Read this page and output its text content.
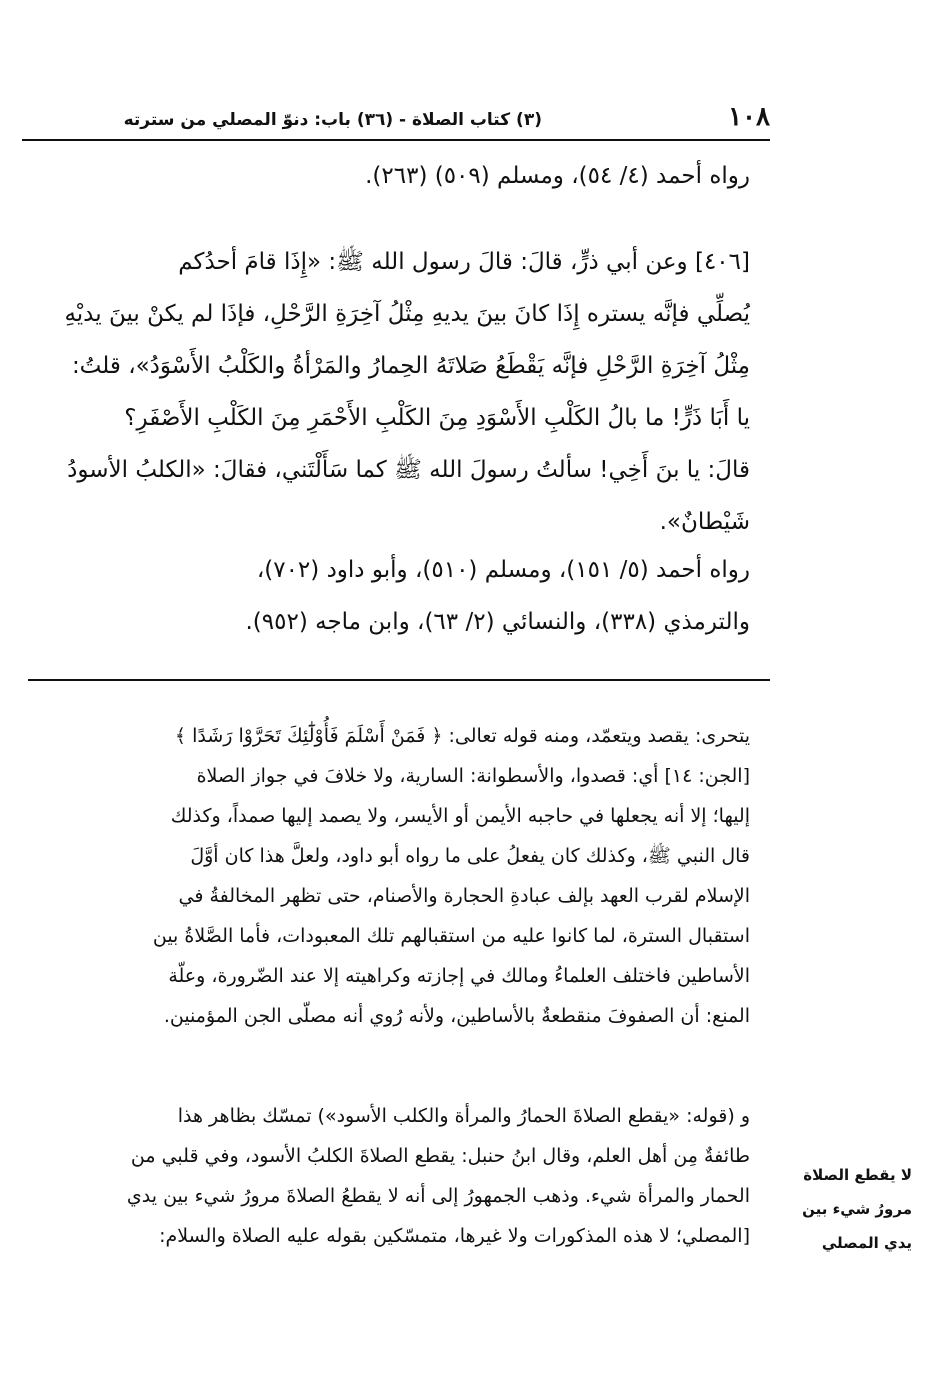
١٠٨
(٣) كتاب الصلاة - (٣٦) باب: دنوّ المصلي من سترته
رواه أحمد (٤/ ٥٤)، ومسلم (٥٠٩) (٢٦٣).
[٤٠٦] وعن أبي ذرٍّ، قالَ: قالَ رسول الله ﷺ: «إِذَا قامَ أحدُكم
يُصلِّي فإنَّه يستره إِذَا كانَ بينَ يديهِ مِثْلُ آخِرَةِ الرَّحْلِ، فإذَا لم يكنْ بينَ يديْهِ
مِثْلُ آخِرَةِ الرَّحْلِ فإنَّه يَقْطَعُ صَلاتَهُ الحِمارُ والمَرْأةُ والكَلْبُ الأَسْوَدُ»، قلتُ:
يا أَبَا ذَرٍّ! ما بالُ الكَلْبِ الأَسْوَدِ مِنَ الكَلْبِ الأَحْمَرِ مِنَ الكَلْبِ الأَصْفَرِ؟
قالَ: يا بنَ أَخِي! سألتُ رسولَ الله ﷺ كما سَأَلْتَني، فقالَ: «الكلبُ الأسودُ
شَيْطانٌ».
رواه أحمد (٥/ ١٥١)، ومسلم (٥١٠)، وأبو داود (٧٠٢)،
والترمذي (٣٣٨)، والنسائي (٢/ ٦٣)، وابن ماجه (٩٥٢).
يتحرى: يقصد ويتعمّد، ومنه قوله تعالى: ﴿ فَمَنْ أَسْلَمَ فَأُوْلَٰٓئِكَ تَحَرَّوْا رَشَدًا ﴾
[الجن: ١٤] أي: قصدوا، والأسطوانة: السارية، ولا خلافَ في جواز الصلاة
إليها؛ إلا أنه يجعلها في حاجبه الأيمن أو الأيسر، ولا يصمد إليها صمداً، وكذلك
قال النبي ﷺ، وكذلك كان يفعلُ على ما رواه أبو داود، ولعلَّ هذا كان أوَّلَ
الإسلام لقرب العهد بإلف عبادةِ الحجارة والأصنام، حتى تظهر المخالفةُ في
استقبال السترة، لما كانوا عليه من استقبالهم تلك المعبودات، فأما الصَّلاةُ بين
الأساطين فاختلف العلماءُ ومالك في إجازته وكراهيته إلا عند الضّرورة، وعلّة
المنع: أن الصفوفَ منقطعةٌ بالأساطين، ولأنه رُوي أنه مصلّى الجن المؤمنين.
و (قوله: «يقطع الصلاةَ الحمارُ والمرأة والكلب الأسود») تمسّك بظاهر هذا
طائفةٌ مِن أهل العلم، وقال ابنُ حنبل: يقطع الصلاةَ الكلبُ الأسود، وفي قلبي من
الحمار والمرأة شيء. وذهب الجمهورُ إلى أنه لا يقطعُ الصلاةَ مرورُ شيء بين يدي
[المصلي؛ لا هذه المذكورات ولا غيرها، متمسّكين بقوله عليه الصلاة والسلام:
لا يقطع الصلاة
مرورُ شيء بين
يدي المصلي
